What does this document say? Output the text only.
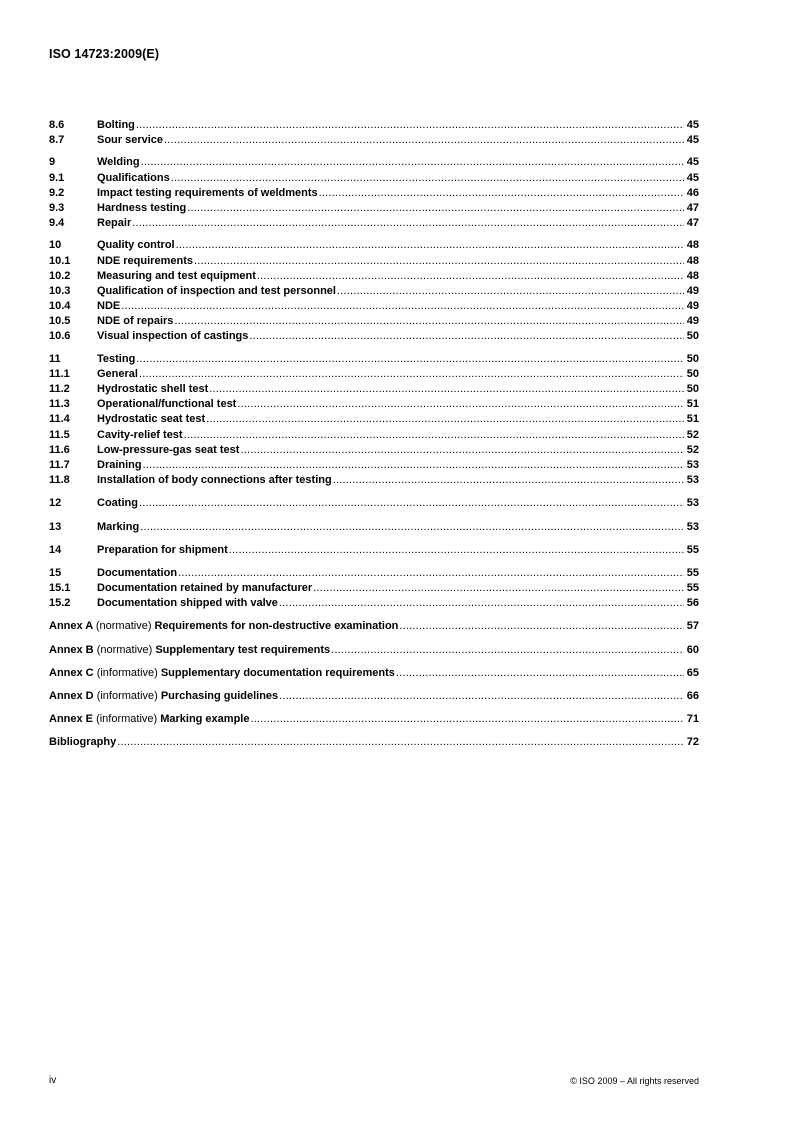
ISO 14723:2009(E)
8.6	Bolting .....	45
8.7	Sour service .....	45
9	Welding .....	45
9.1	Qualifications .....	45
9.2	Impact testing requirements of weldments .....	46
9.3	Hardness testing .....	47
9.4	Repair .....	47
10	Quality control .....	48
10.1	NDE requirements .....	48
10.2	Measuring and test equipment .....	48
10.3	Qualification of inspection and test personnel .....	49
10.4	NDE .....	49
10.5	NDE of repairs .....	49
10.6	Visual inspection of castings .....	50
11	Testing .....	50
11.1	General .....	50
11.2	Hydrostatic shell test .....	50
11.3	Operational/functional test .....	51
11.4	Hydrostatic seat test .....	51
11.5	Cavity-relief test .....	52
11.6	Low-pressure-gas seat test .....	52
11.7	Draining .....	53
11.8	Installation of body connections after testing .....	53
12	Coating .....	53
13	Marking .....	53
14	Preparation for shipment .....	55
15	Documentation .....	55
15.1	Documentation retained by manufacturer .....	55
15.2	Documentation shipped with valve .....	56
Annex A (normative) Requirements for non-destructive examination .....	57
Annex B (normative) Supplementary test requirements .....	60
Annex C (informative) Supplementary documentation requirements .....	65
Annex D (informative) Purchasing guidelines .....	66
Annex E (informative) Marking example .....	71
Bibliography .....	72
iv	© ISO 2009 – All rights reserved
